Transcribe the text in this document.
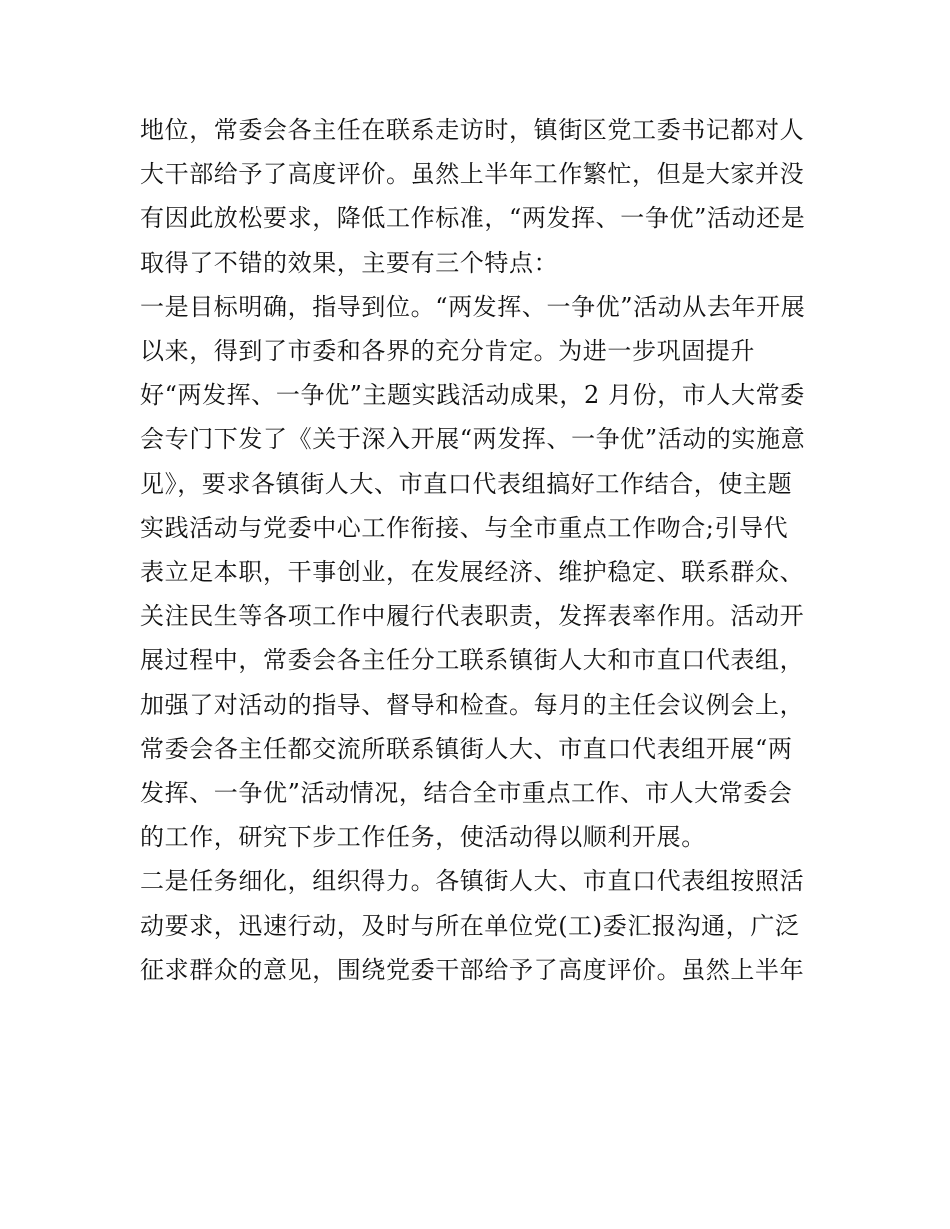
地位，常委会各主任在联系走访时，镇街区党工委书记都对人

大干部给予了高度评价。虽然上半年工作繁忙，但是大家并没

有因此放松要求，降低工作标准，“两发挥、一争优”活动还是

取得了不错的效果，主要有三个特点：

一是目标明确，指导到位。“两发挥、一争优”活动从去年开展

以来，得到了市委和各界的充分肯定。为进一步巩固提升

好“两发挥、一争优”主题实践活动成果，2 月份，市人大常委

会专门下发了《关于深入开展“两发挥、一争优”活动的实施意

见》，要求各镇街人大、市直口代表组搞好工作结合，使主题

实践活动与党委中心工作衔接、与全市重点工作吻合;引导代

表立足本职，干事创业，在发展经济、维护稳定、联系群众、

关注民生等各项工作中履行代表职责，发挥表率作用。活动开

展过程中，常委会各主任分工联系镇街人大和市直口代表组，

加强了对活动的指导、督导和检查。每月的主任会议例会上，

常委会各主任都交流所联系镇街人大、市直口代表组开展“两

发挥、一争优”活动情况，结合全市重点工作、市人大常委会

的工作，研究下步工作任务，使活动得以顺利开展。

二是任务细化，组织得力。各镇街人大、市直口代表组按照活

动要求，迅速行动，及时与所在单位党(工)委汇报沟通，广泛

征求群众的意见，围绕党委干部给予了高度评价。虽然上半年
